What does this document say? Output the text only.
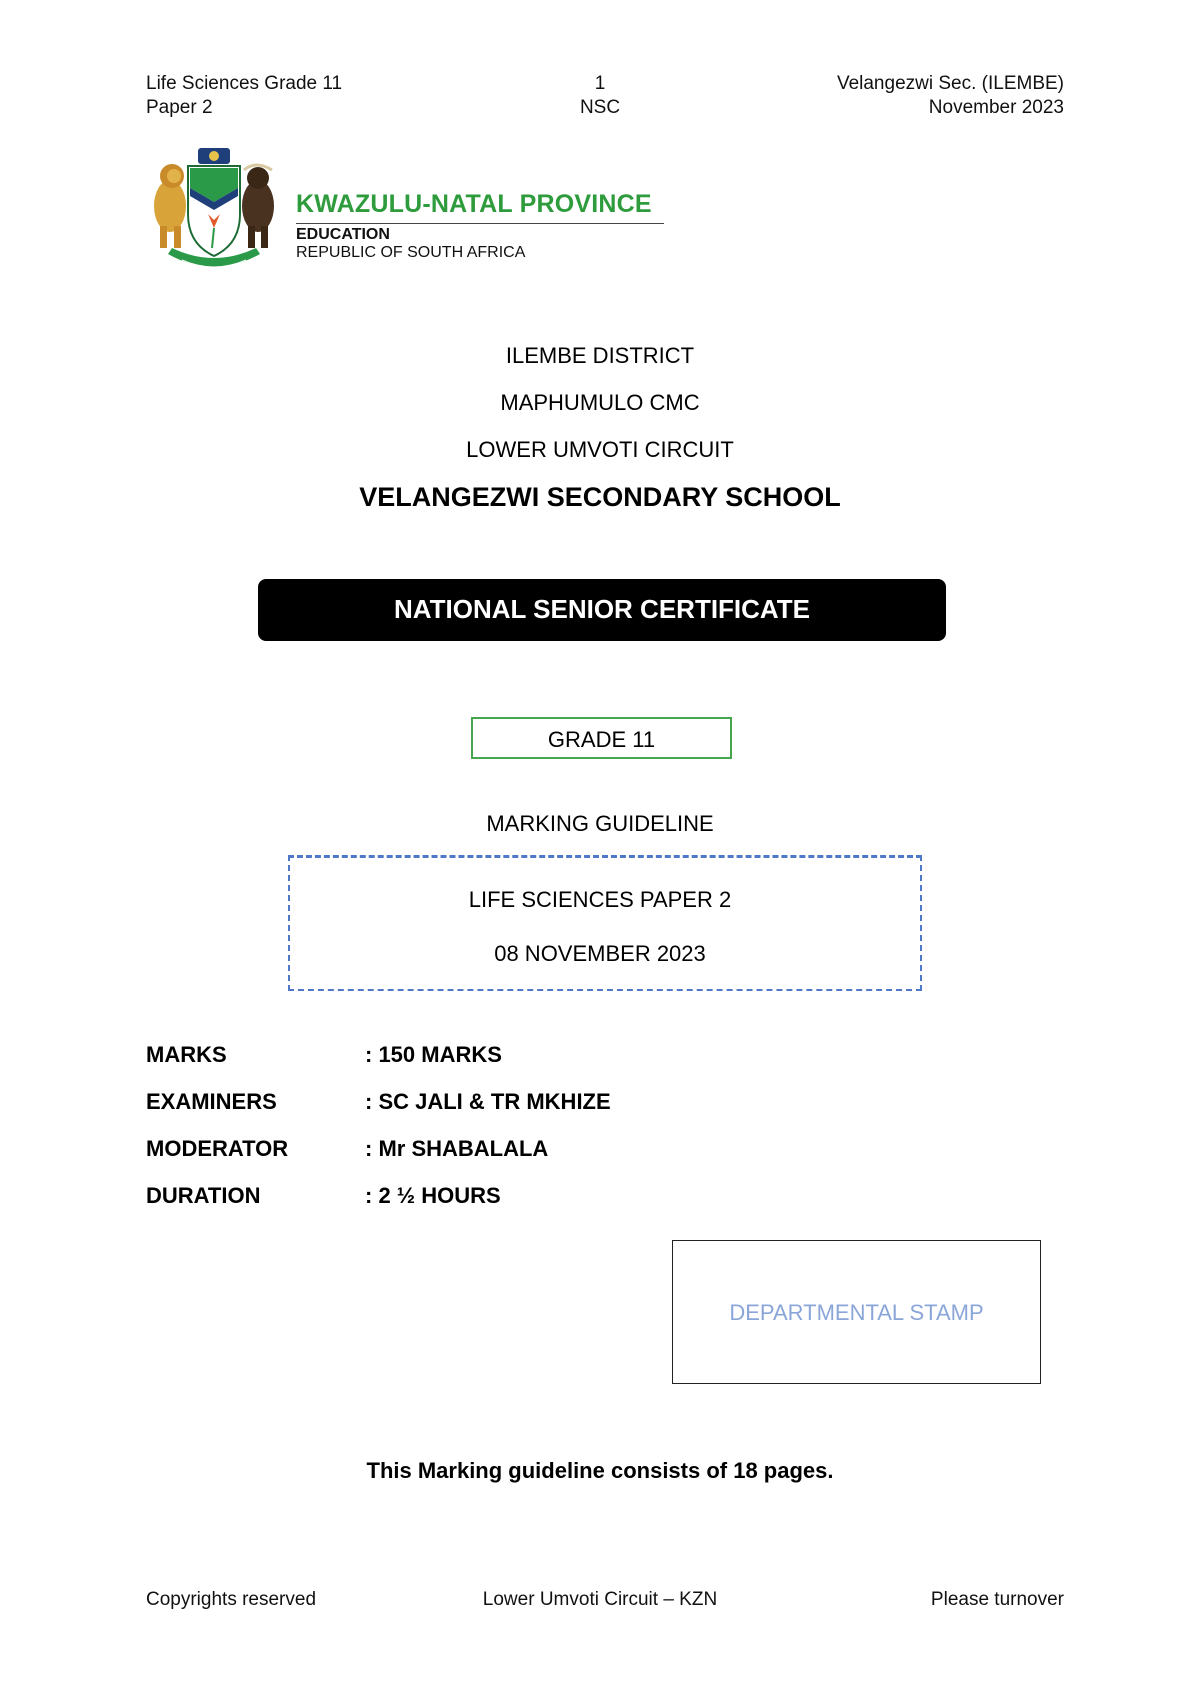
Life Sciences Grade 11
Paper 2
1
NSC
Velangezwi Sec. (ILEMBE)
November 2023
KWAZULU-NATAL PROVINCE
EDUCATION
REPUBLIC OF SOUTH AFRICA
ILEMBE DISTRICT
MAPHUMULO CMC
LOWER UMVOTI CIRCUIT
VELANGEZWI SECONDARY SCHOOL
NATIONAL SENIOR CERTIFICATE
GRADE 11
MARKING GUIDELINE
LIFE SCIENCES PAPER 2
08 NOVEMBER 2023
MARKS	: 150 MARKS
EXAMINERS	: SC JALI & TR MKHIZE
MODERATOR	: Mr SHABALALA
DURATION	: 2 ½ HOURS
DEPARTMENTAL STAMP
This Marking guideline consists of 18 pages.
Copyrights reserved	Lower Umvoti Circuit – KZN	Please turnover
